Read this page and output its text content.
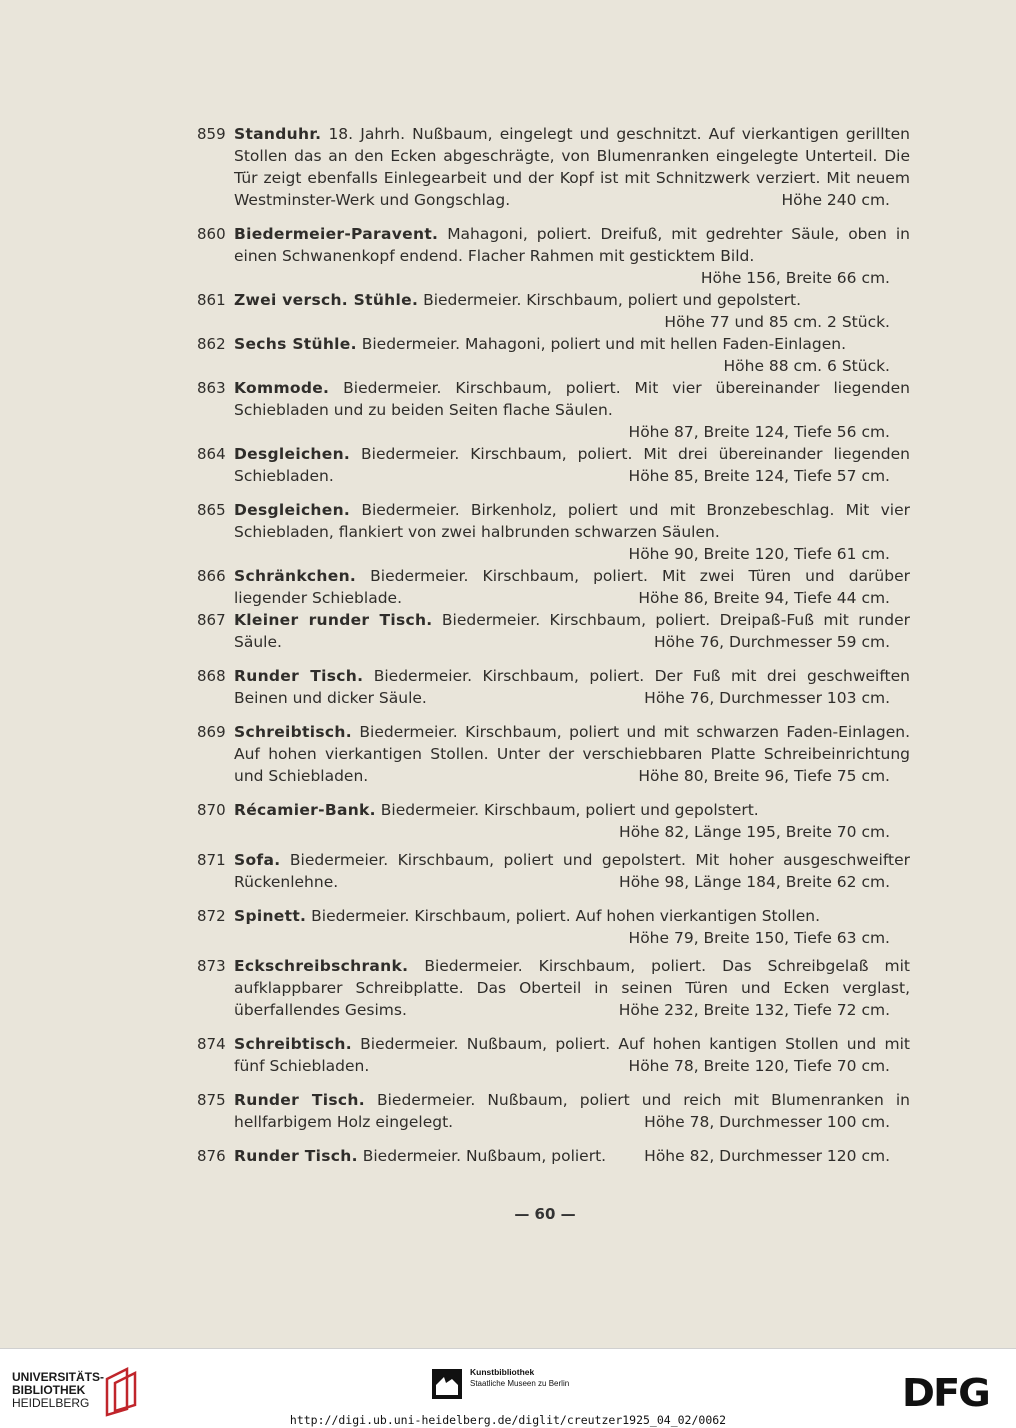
859 Standuhr. 18. Jahrh. Nußbaum, eingelegt und geschnitzt. Auf vierkantigen gerillten Stollen das an den Ecken abgeschrägte, von Blumenranken eingelegte Unterteil. Die Tür zeigt ebenfalls Einlegearbeit und der Kopf ist mit Schnitzwerk verziert. Mit neuem Westminster-Werk und Gongschlag.	Höhe 240 cm.
860 Biedermeier-Paravent. Mahagoni, poliert. Dreifuß, mit gedrehter Säule, oben in einen Schwanenkopf endend. Flacher Rahmen mit gesticktem Bild.
Höhe 156, Breite 66 cm.
861 Zwei versch. Stühle. Biedermeier. Kirschbaum, poliert und gepolstert.
Höhe 77 und 85 cm. 2 Stück.
862 Sechs Stühle. Biedermeier. Mahagoni, poliert und mit hellen Faden-Einlagen.
Höhe 88 cm. 6 Stück.
863 Kommode. Biedermeier. Kirschbaum, poliert. Mit vier übereinander liegenden Schiebladen und zu beiden Seiten flache Säulen.
Höhe 87, Breite 124, Tiefe 56 cm.
864 Desgleichen. Biedermeier. Kirschbaum, poliert. Mit drei übereinander liegenden Schiebladen.	Höhe 85, Breite 124, Tiefe 57 cm.
865 Desgleichen. Biedermeier. Birkenholz, poliert und mit Bronzebeschlag. Mit vier Schiebladen, flankiert von zwei halbrunden schwarzen Säulen.
Höhe 90, Breite 120, Tiefe 61 cm.
866 Schränkchen. Biedermeier. Kirschbaum, poliert. Mit zwei Türen und darüber liegender Schieblade.	Höhe 86, Breite 94, Tiefe 44 cm.
867 Kleiner runder Tisch. Biedermeier. Kirschbaum, poliert. Dreipaß-Fuß mit runder Säule.	Höhe 76, Durchmesser 59 cm.
868 Runder Tisch. Biedermeier. Kirschbaum, poliert. Der Fuß mit drei geschweiften Beinen und dicker Säule.	Höhe 76, Durchmesser 103 cm.
869 Schreibtisch. Biedermeier. Kirschbaum, poliert und mit schwarzen Faden-Einlagen. Auf hohen vierkantigen Stollen. Unter der verschiebbaren Platte Schreibeinrichtung und Schiebladen.	Höhe 80, Breite 96, Tiefe 75 cm.
870 Récamier-Bank. Biedermeier. Kirschbaum, poliert und gepolstert.
Höhe 82, Länge 195, Breite 70 cm.
871 Sofa. Biedermeier. Kirschbaum, poliert und gepolstert. Mit hoher ausgeschweifter Rückenlehne.	Höhe 98, Länge 184, Breite 62 cm.
872 Spinett. Biedermeier. Kirschbaum, poliert. Auf hohen vierkantigen Stollen.
Höhe 79, Breite 150, Tiefe 63 cm.
873 Eckschreibschrank. Biedermeier. Kirschbaum, poliert. Das Schreibgelaß mit aufklappbarer Schreibplatte. Das Oberteil in seinen Türen und Ecken verglast, überfallendes Gesims.	Höhe 232, Breite 132, Tiefe 72 cm.
874 Schreibtisch. Biedermeier. Nußbaum, poliert. Auf hohen kantigen Stollen und mit fünf Schiebladen.	Höhe 78, Breite 120, Tiefe 70 cm.
875 Runder Tisch. Biedermeier. Nußbaum, poliert und reich mit Blumenranken in hellfarbigem Holz eingelegt.	Höhe 78, Durchmesser 100 cm.
876 Runder Tisch. Biedermeier. Nußbaum, poliert. Höhe 82, Durchmesser 120 cm.
— 60 —
UNIVERSITÄTS-
BIBLIOTHEK
HEIDELBERG
Kunstbibliothek
Staatliche Museen zu Berlin	DFG
http://digi.ub.uni-heidelberg.de/diglit/creutzer1925_04_02/0062
